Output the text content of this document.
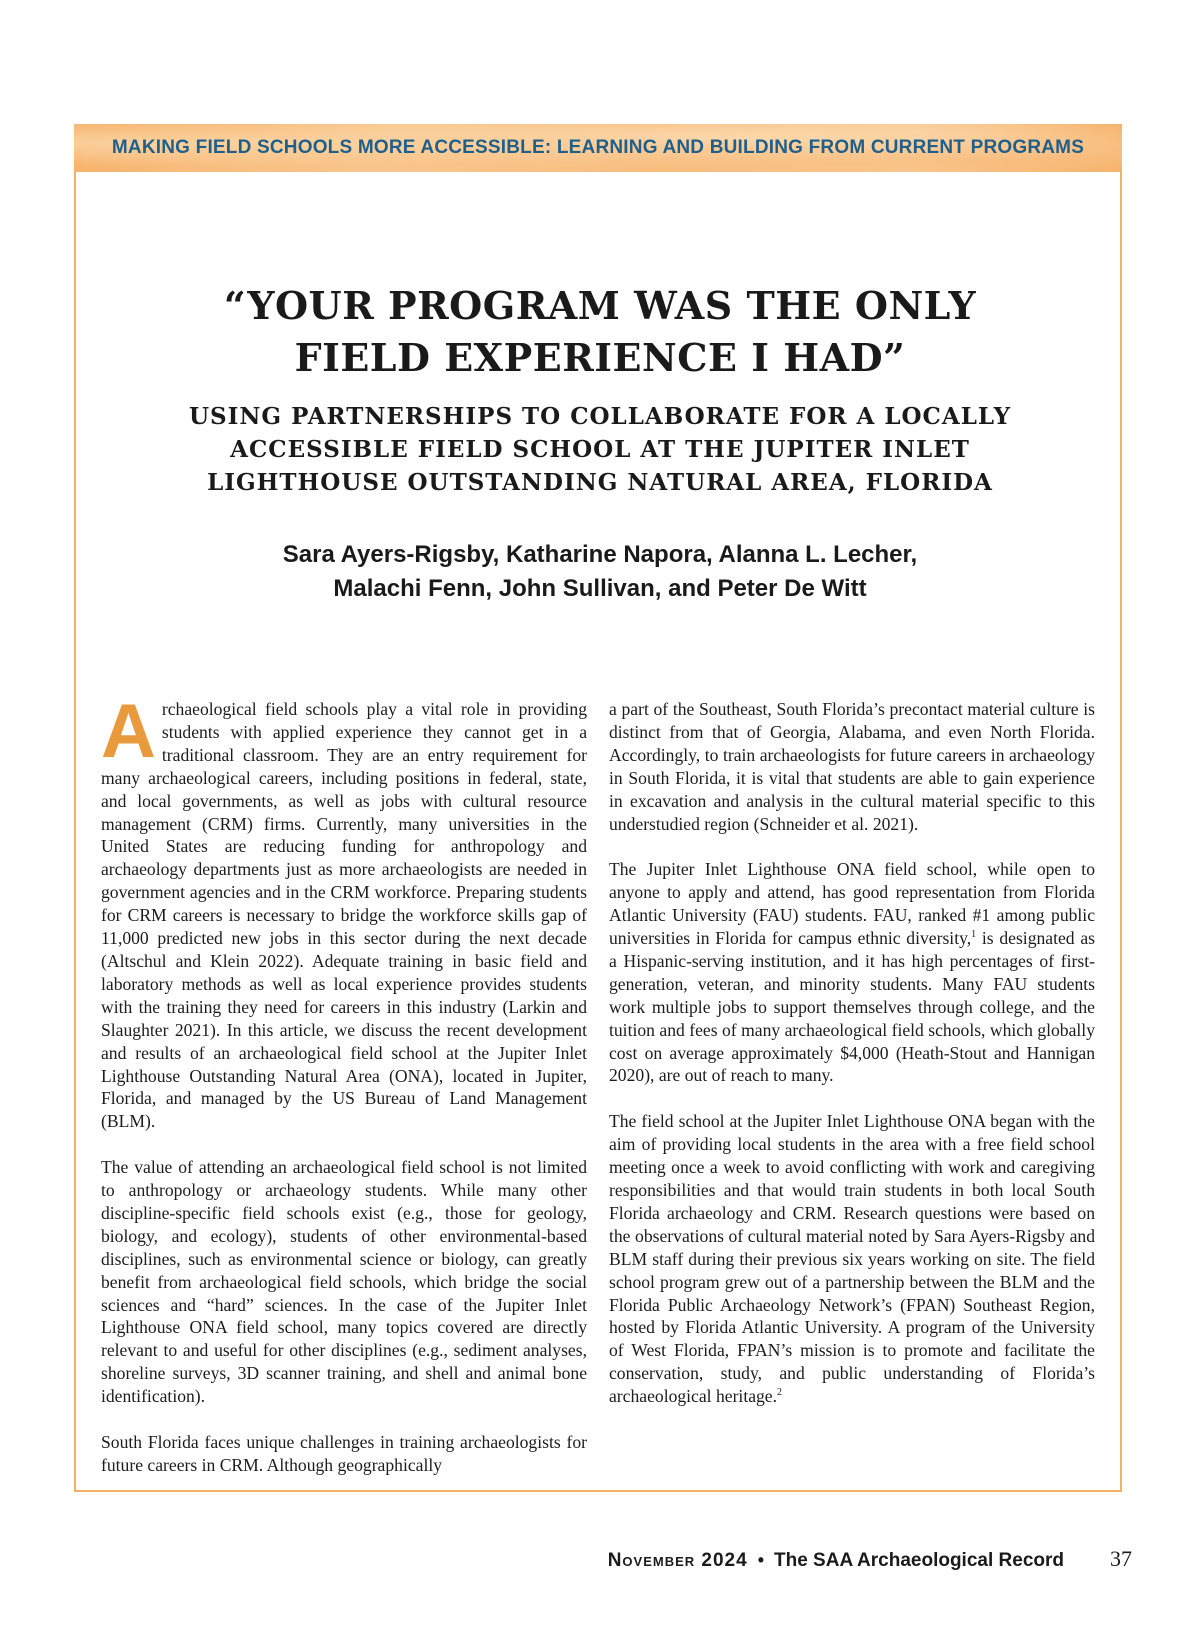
MAKING FIELD SCHOOLS MORE ACCESSIBLE: LEARNING AND BUILDING FROM CURRENT PROGRAMS
“YOUR PROGRAM WAS THE ONLY
FIELD EXPERIENCE I HAD”
USING PARTNERSHIPS TO COLLABORATE FOR A LOCALLY
ACCESSIBLE FIELD SCHOOL AT THE JUPITER INLET
LIGHTHOUSE OUTSTANDING NATURAL AREA, FLORIDA
Sara Ayers-Rigsby, Katharine Napora, Alanna L. Lecher,
Malachi Fenn, John Sullivan, and Peter De Witt

Archaeological field schools play a vital role in providing students with applied experience they cannot get in a traditional classroom. They are an entry requirement for many archaeological careers, including positions in federal, state, and local governments, as well as jobs with cultural resource management (CRM) firms. Currently, many universities in the United States are reducing funding for anthropology and archaeology departments just as more archaeologists are needed in government agencies and in the CRM workforce. Preparing students for CRM careers is necessary to bridge the workforce skills gap of 11,000 predicted new jobs in this sector during the next decade (Altschul and Klein 2022). Adequate training in basic field and laboratory methods as well as local experience provides students with the training they need for careers in this industry (Larkin and Slaughter 2021). In this article, we discuss the recent development and results of an archaeological field school at the Jupiter Inlet Lighthouse Outstanding Natural Area (ONA), located in Jupiter, Florida, and managed by the US Bureau of Land Management (BLM).

The value of attending an archaeological field school is not limited to anthropology or archaeology students. While many other discipline-specific field schools exist (e.g., those for geology, biology, and ecology), students of other environmental-based disciplines, such as environmental science or biology, can greatly benefit from archaeological field schools, which bridge the social sciences and “hard” sciences. In the case of the Jupiter Inlet Lighthouse ONA field school, many topics covered are directly relevant to and useful for other disciplines (e.g., sediment analyses, shoreline surveys, 3D scanner training, and shell and animal bone identification).

South Florida faces unique challenges in training archaeologists for future careers in CRM. Although geographically

a part of the Southeast, South Florida’s precontact material culture is distinct from that of Georgia, Alabama, and even North Florida. Accordingly, to train archaeologists for future careers in archaeology in South Florida, it is vital that students are able to gain experience in excavation and analysis in the cultural material specific to this understudied region (Schneider et al. 2021).

The Jupiter Inlet Lighthouse ONA field school, while open to anyone to apply and attend, has good representation from Florida Atlantic University (FAU) students. FAU, ranked #1 among public universities in Florida for campus ethnic diversity,$^1$ is designated as a Hispanic-serving institution, and it has high percentages of first-generation, veteran, and minority students. Many FAU students work multiple jobs to support themselves through college, and the tuition and fees of many archaeological field schools, which globally cost on average approximately $4,000 (Heath-Stout and Hannigan 2020), are out of reach to many.

The field school at the Jupiter Inlet Lighthouse ONA began with the aim of providing local students in the area with a free field school meeting once a week to avoid conflicting with work and caregiving responsibilities and that would train students in both local South Florida archaeology and CRM. Research questions were based on the observations of cultural material noted by Sara Ayers-Rigsby and BLM staff during their previous six years working on site. The field school program grew out of a partnership between the BLM and the Florida Public Archaeology Network’s (FPAN) Southeast Region, hosted by Florida Atlantic University. A program of the University of West Florida, FPAN’s mission is to promote and facilitate the conservation, study, and public understanding of Florida’s archaeological heritage.$^2$

November 2024 • The SAA Archaeological Record 37
